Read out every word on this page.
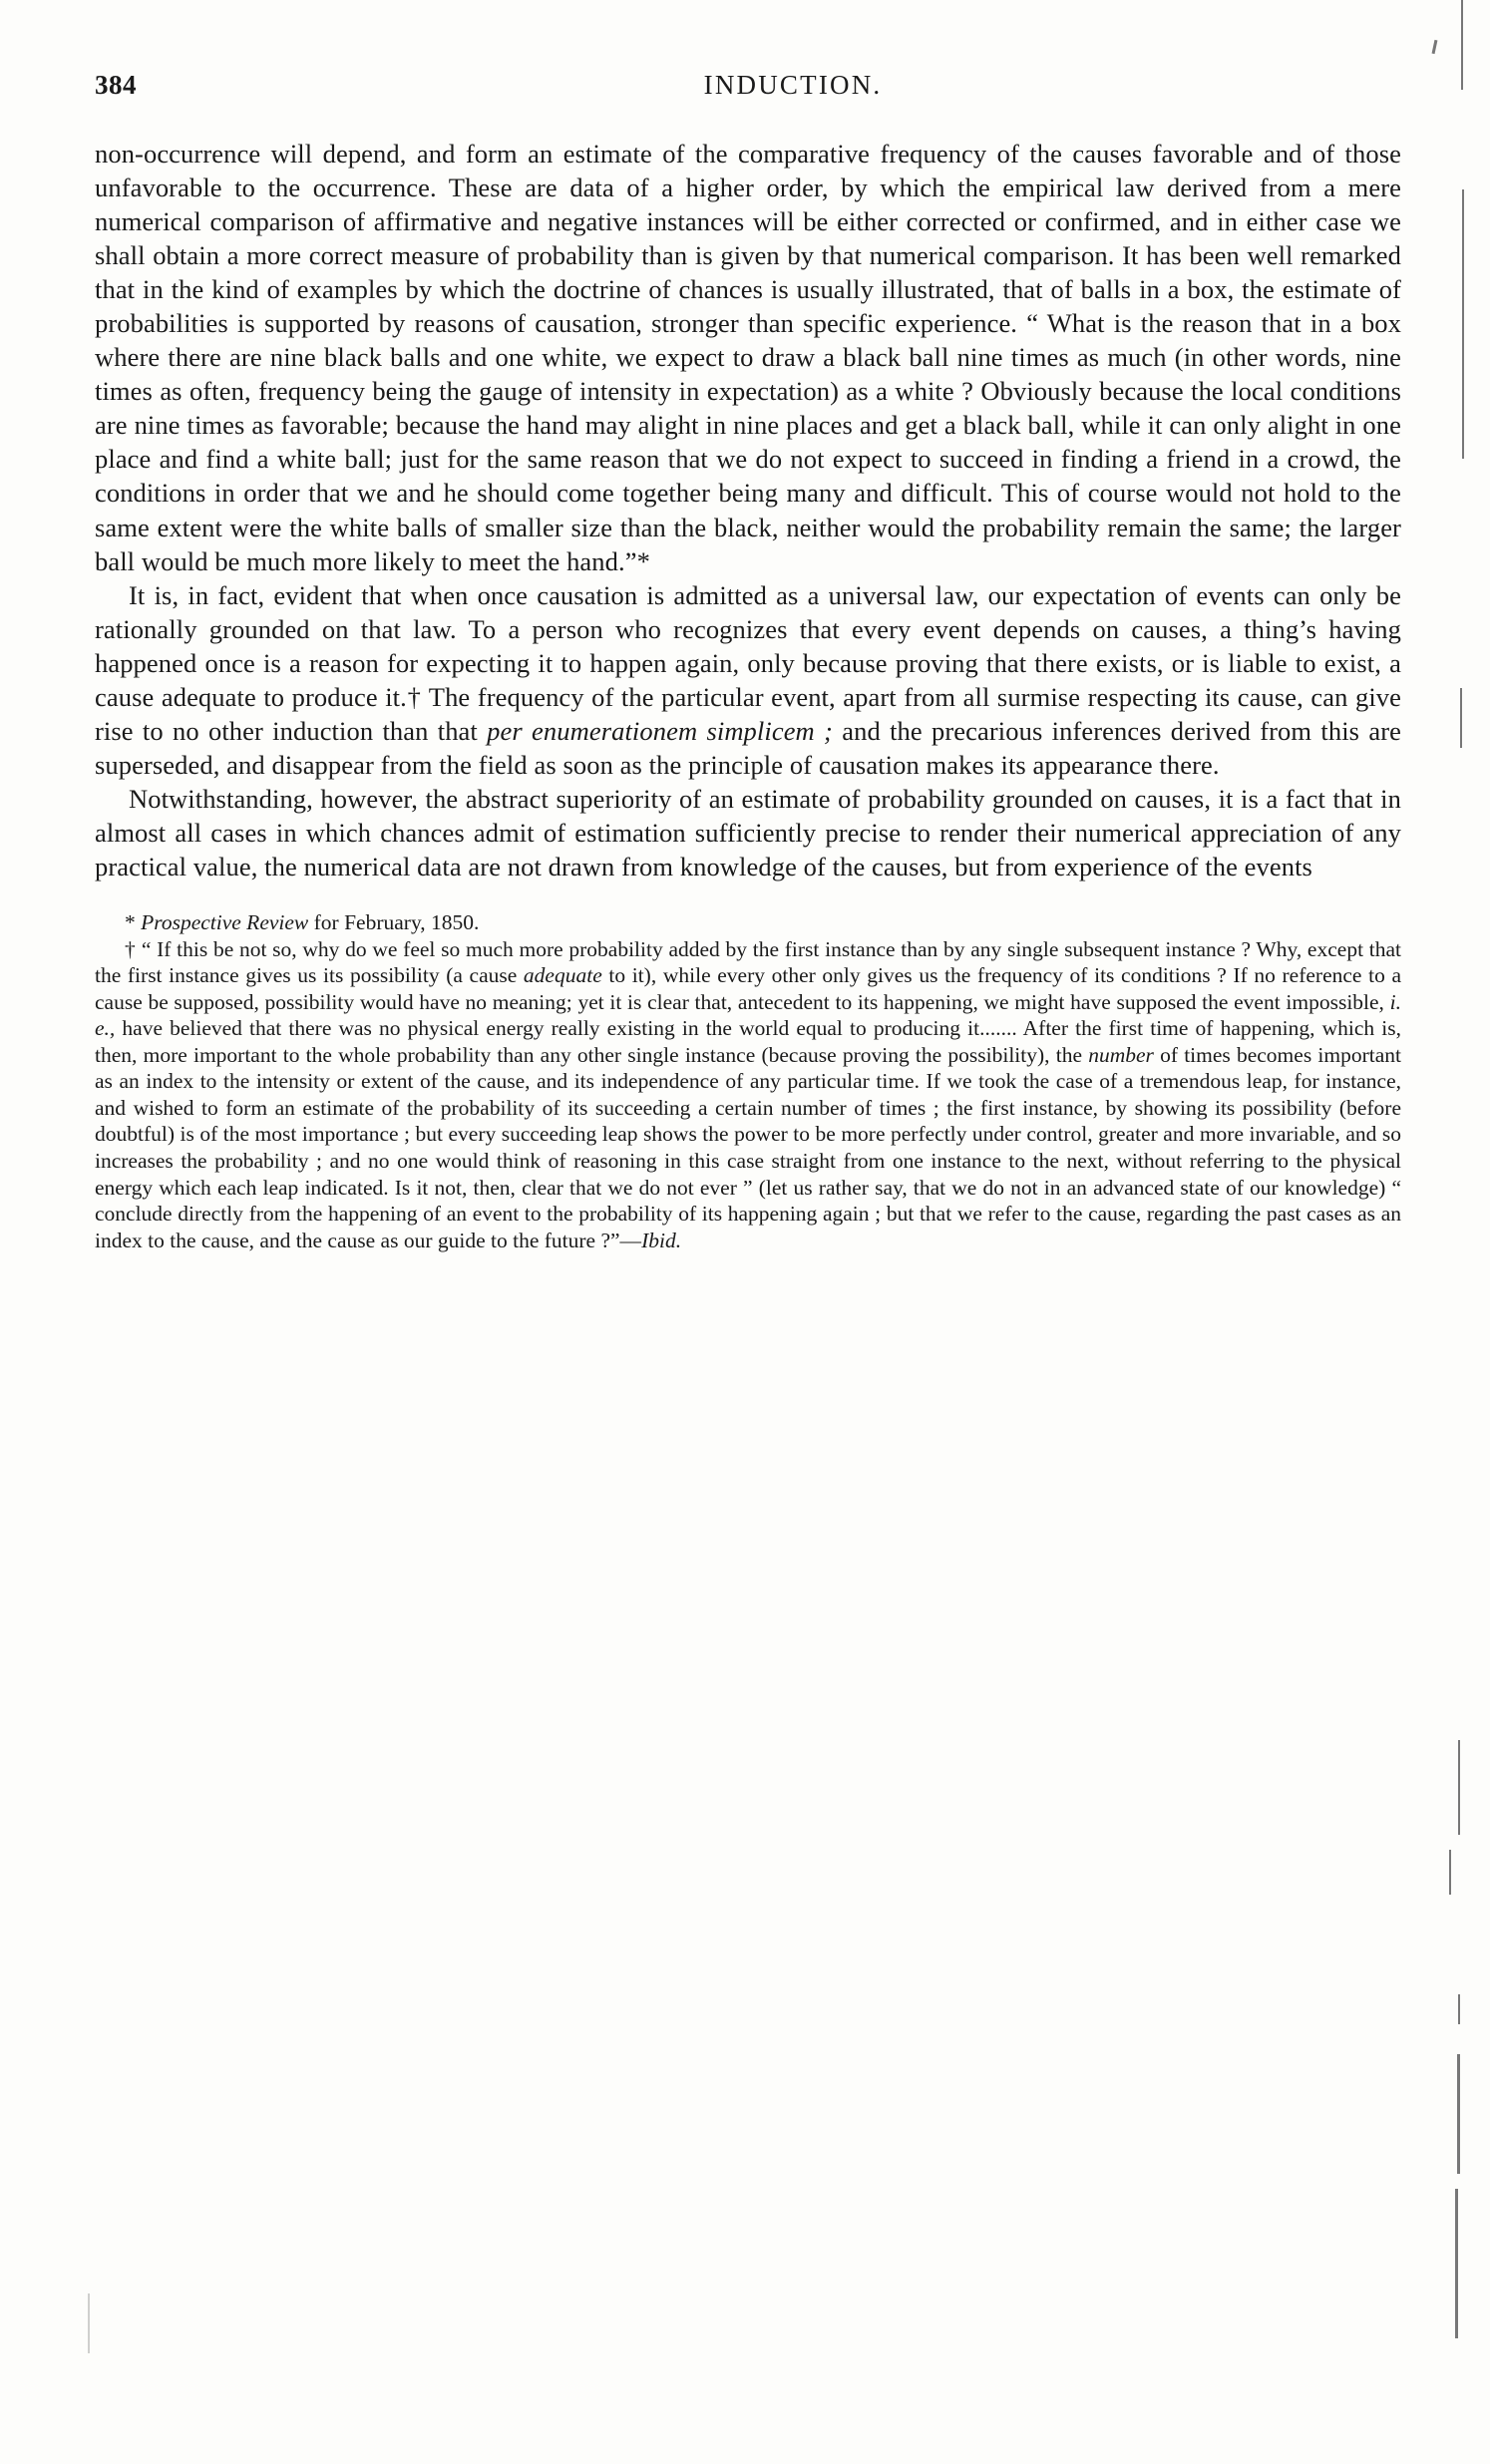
384	INDUCTION.

non-occurrence will depend, and form an estimate of the comparative frequency of the causes favorable and of those unfavorable to the occurrence. These are data of a higher order, by which the empirical law derived from a mere numerical comparison of affirmative and negative instances will be either corrected or confirmed, and in either case we shall obtain a more correct measure of probability than is given by that numerical comparison. It has been well remarked that in the kind of examples by which the doctrine of chances is usually illustrated, that of balls in a box, the estimate of probabilities is supported by reasons of causation, stronger than specific experience. “ What is the reason that in a box where there are nine black balls and one white, we expect to draw a black ball nine times as much (in other words, nine times as often, frequency being the gauge of intensity in expectation) as a white ? Obviously because the local conditions are nine times as favorable; because the hand may alight in nine places and get a black ball, while it can only alight in one place and find a white ball; just for the same reason that we do not expect to succeed in finding a friend in a crowd, the conditions in order that we and he should come together being many and difficult. This of course would not hold to the same extent were the white balls of smaller size than the black, neither would the probability remain the same; the larger ball would be much more likely to meet the hand.”*

It is, in fact, evident that when once causation is admitted as a universal law, our expectation of events can only be rationally grounded on that law. To a person who recognizes that every event depends on causes, a thing’s having happened once is a reason for expecting it to happen again, only because proving that there exists, or is liable to exist, a cause adequate to produce it.† The frequency of the particular event, apart from all surmise respecting its cause, can give rise to no other induction than that per enumerationem simplicem ; and the precarious inferences derived from this are superseded, and disappear from the field as soon as the principle of causation makes its appearance there.

Notwithstanding, however, the abstract superiority of an estimate of probability grounded on causes, it is a fact that in almost all cases in which chances admit of estimation sufficiently precise to render their numerical appreciation of any practical value, the numerical data are not drawn from knowledge of the causes, but from experience of the events

* Prospective Review for February, 1850.

† “ If this be not so, why do we feel so much more probability added by the first instance than by any single subsequent instance ? Why, except that the first instance gives us its possibility (a cause adequate to it), while every other only gives us the frequency of its conditions ? If no reference to a cause be supposed, possibility would have no meaning; yet it is clear that, antecedent to its happening, we might have supposed the event impossible, i. e., have believed that there was no physical energy really existing in the world equal to producing it....... After the first time of happening, which is, then, more important to the whole probability than any other single instance (because proving the possibility), the number of times becomes important as an index to the intensity or extent of the cause, and its independence of any particular time. If we took the case of a tremendous leap, for instance, and wished to form an estimate of the probability of its succeeding a certain number of times ; the first instance, by showing its possibility (before doubtful) is of the most importance ; but every succeeding leap shows the power to be more perfectly under control, greater and more invariable, and so increases the probability ; and no one would think of reasoning in this case straight from one instance to the next, without referring to the physical energy which each leap indicated. Is it not, then, clear that we do not ever ” (let us rather say, that we do not in an advanced state of our knowledge) “ conclude directly from the happening of an event to the probability of its happening again ; but that we refer to the cause, regarding the past cases as an index to the cause, and the cause as our guide to the future ?”—Ibid.
